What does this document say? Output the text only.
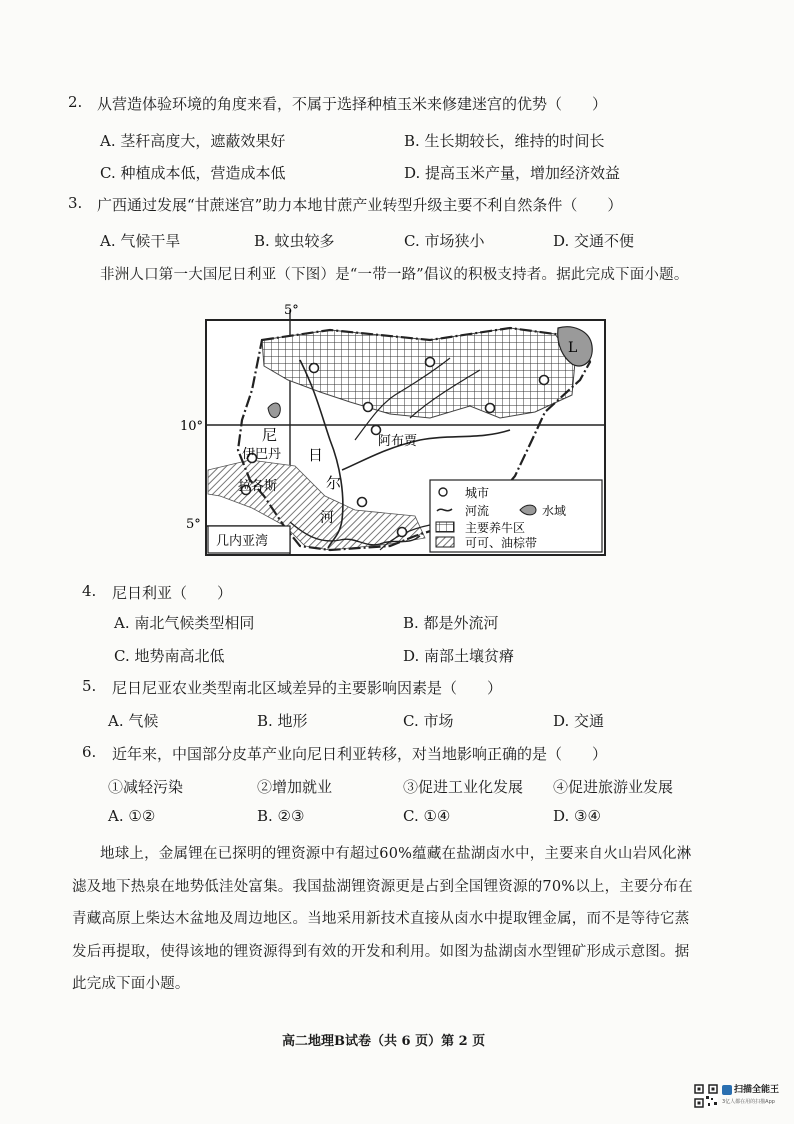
2. 从营造体验环境的角度来看，不属于选择种植玉米来修建迷宫的优势（　　）
A. 茎秆高度大，遮蔽效果好	B. 生长期较长，维持的时间长
C. 种植成本低，营造成本低	D. 提高玉米产量，增加经济效益
3. 广西通过发展“甘蔗迷宫”助力本地甘蔗产业转型升级主要不利自然条件（　　）
A. 气候干旱	B. 蚊虫较多	C. 市场狭小	D. 交通不便
非洲人口第一大国尼日利亚（下图）是“一带一路”倡议的积极支持者。据此完成下面小题。
几内亚湾
L
5°
10°
5°
阿布贾
伊巴丹
拉各斯
尼
日
尔
河
城市
河流	水域
主要养牛区
可可、油棕带
4. 尼日利亚（　　）
A. 南北气候类型相同	B. 都是外流河
C. 地势南高北低	D. 南部土壤贫瘠
5. 尼日尼亚农业类型南北区域差异的主要影响因素是（　　）
A. 气候	B. 地形	C. 市场	D. 交通
6. 近年来，中国部分皮革产业向尼日利亚转移，对当地影响正确的是（　　）
①减轻污染	②增加就业	③促进工业化发展 ④促进旅游业发展
A. ①②	B. ②③	C. ①④	D. ③④
地球上，金属锂在已探明的锂资源中有超过60%蕴藏在盐湖卤水中，主要来自火山岩风化淋
滤及地下热泉在地势低洼处富集。我国盐湖锂资源更是占到全国锂资源的70%以上，主要分布在
青藏高原上柴达木盆地及周边地区。当地采用新技术直接从卤水中提取锂金属，而不是等待它蒸
发后再提取，使得该地的锂资源得到有效的开发和利用。如图为盐湖卤水型锂矿形成示意图。据
此完成下面小题。
高二地理B试卷（共 6 页）第 2 页
扫描全能王
3亿人都在用的扫描App
